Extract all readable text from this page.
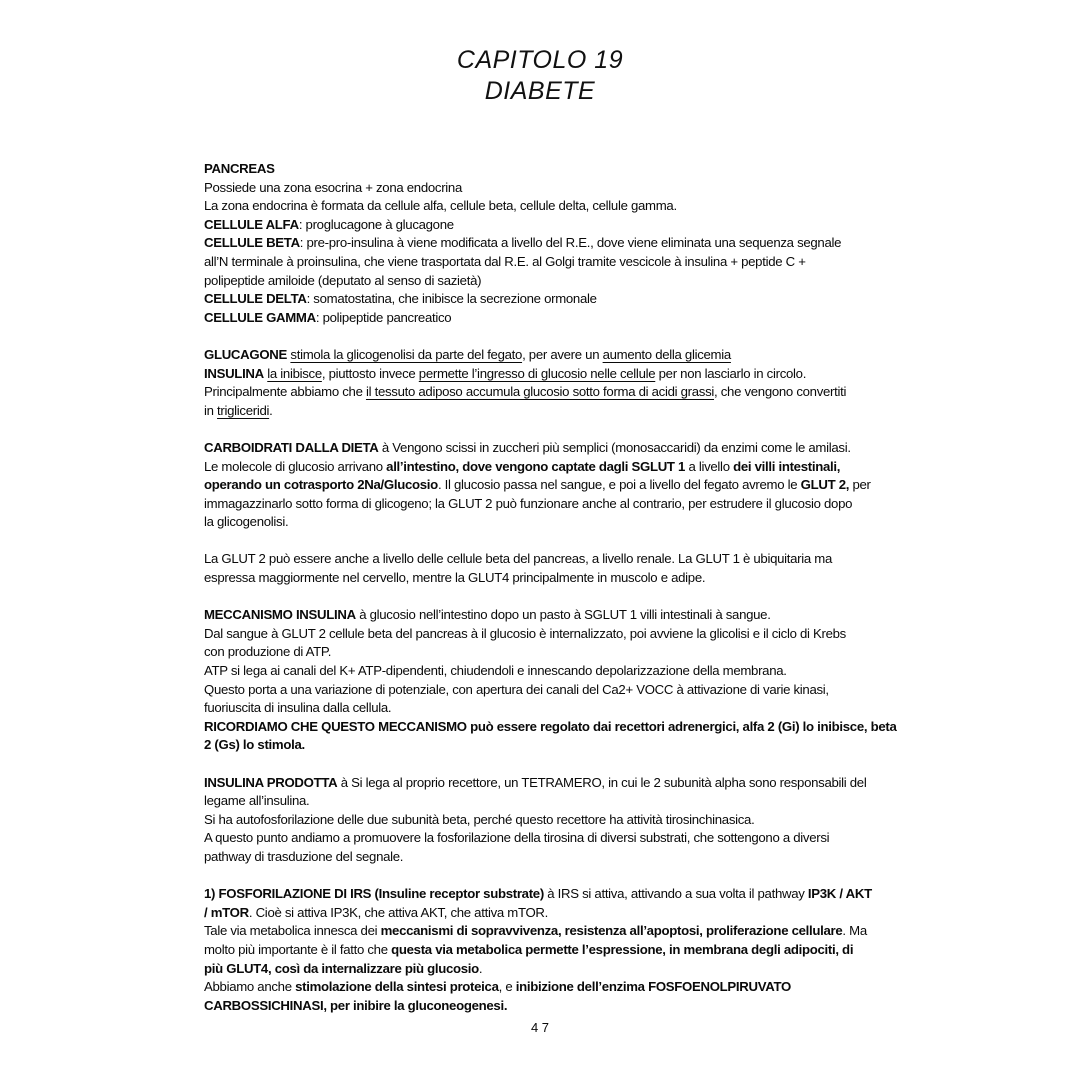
CAPITOLO 19
DIABETE
PANCREAS
Possiede una zona esocrina + zona endocrina
La zona endocrina è formata da cellule alfa, cellule beta, cellule delta, cellule gamma.
CELLULE ALFA: proglucagone à glucagone
CELLULE BETA: pre-pro-insulina à viene modificata a livello del R.E., dove viene eliminata una sequenza segnale
all’N terminale à proinsulina, che viene trasportata dal R.E. al Golgi tramite vescicole à insulina + peptide C +
polipeptide amiloide (deputato al senso di sazietà)
CELLULE DELTA: somatostatina, che inibisce la secrezione ormonale
CELLULE GAMMA: polipeptide pancreatico
GLUCAGONE stimola la glicogenolisi da parte del fegato, per avere un aumento della glicemia
INSULINA la inibisce, piuttosto invece permette l’ingresso di glucosio nelle cellule per non lasciarlo in circolo.
Principalmente abbiamo che il tessuto adiposo accumula glucosio sotto forma di acidi grassi, che vengono convertiti
in trigliceridi.
CARBOIDRATI DALLA DIETA à Vengono scissi in zuccheri più semplici (monosaccaridi) da enzimi come le amilasi.
Le molecole di glucosio arrivano all’intestino, dove vengono captate dagli SGLUT 1 a livello dei villi intestinali,
operando un cotrasporto 2Na/Glucosio. Il glucosio passa nel sangue, e poi a livello del fegato avremo le GLUT 2, per
immagazzinarlo sotto forma di glicogeno; la GLUT 2 può funzionare anche al contrario, per estrudere il glucosio dopo
la glicogenolisi.
La GLUT 2 può essere anche a livello delle cellule beta del pancreas, a livello renale. La GLUT 1 è ubiquitaria ma
espressa maggiormente nel cervello, mentre la GLUT4 principalmente in muscolo e adipe.
MECCANISMO INSULINA à glucosio nell’intestino dopo un pasto à SGLUT 1 villi intestinali à sangue.
Dal sangue à GLUT 2 cellule beta del pancreas à il glucosio è internalizzato, poi avviene la glicolisi e il ciclo di Krebs
con produzione di ATP.
ATP si lega ai canali del K+ ATP-dipendenti, chiudendoli e innescando depolarizzazione della membrana.
Questo porta a una variazione di potenziale, con apertura dei canali del Ca2+ VOCC à attivazione di varie kinasi,
fuoriuscita di insulina dalla cellula.
RICORDIAMO CHE QUESTO MECCANISMO può essere regolato dai recettori adrenergici, alfa 2 (Gi) lo inibisce, beta
2 (Gs) lo stimola.
INSULINA PRODOTTA à Si lega al proprio recettore, un TETRAMERO, in cui le 2 subunità alpha sono responsabili del
legame all’insulina.
Si ha autofosforilazione delle due subunità beta, perché questo recettore ha attività tirosinchinasica.
A questo punto andiamo a promuovere la fosforilazione della tirosina di diversi substrati, che sottengono a diversi
pathway di trasduzione del segnale.
1) FOSFORILAZIONE DI IRS (Insuline receptor substrate) à IRS si attiva, attivando a sua volta il pathway IP3K / AKT
/ mTOR. Cioè si attiva IP3K, che attiva AKT, che attiva mTOR.
Tale via metabolica innesca dei meccanismi di sopravvivenza, resistenza all’apoptosi, proliferazione cellulare. Ma
molto più importante è il fatto che questa via metabolica permette l’espressione, in membrana degli adipociti, di
più GLUT4, così da internalizzare più glucosio.
Abbiamo anche stimolazione della sintesi proteica, e inibizione dell’enzima FOSFOENOLPIRUVATO
CARBOSSICHINASI, per inibire la gluconeogenesi.
4 7
